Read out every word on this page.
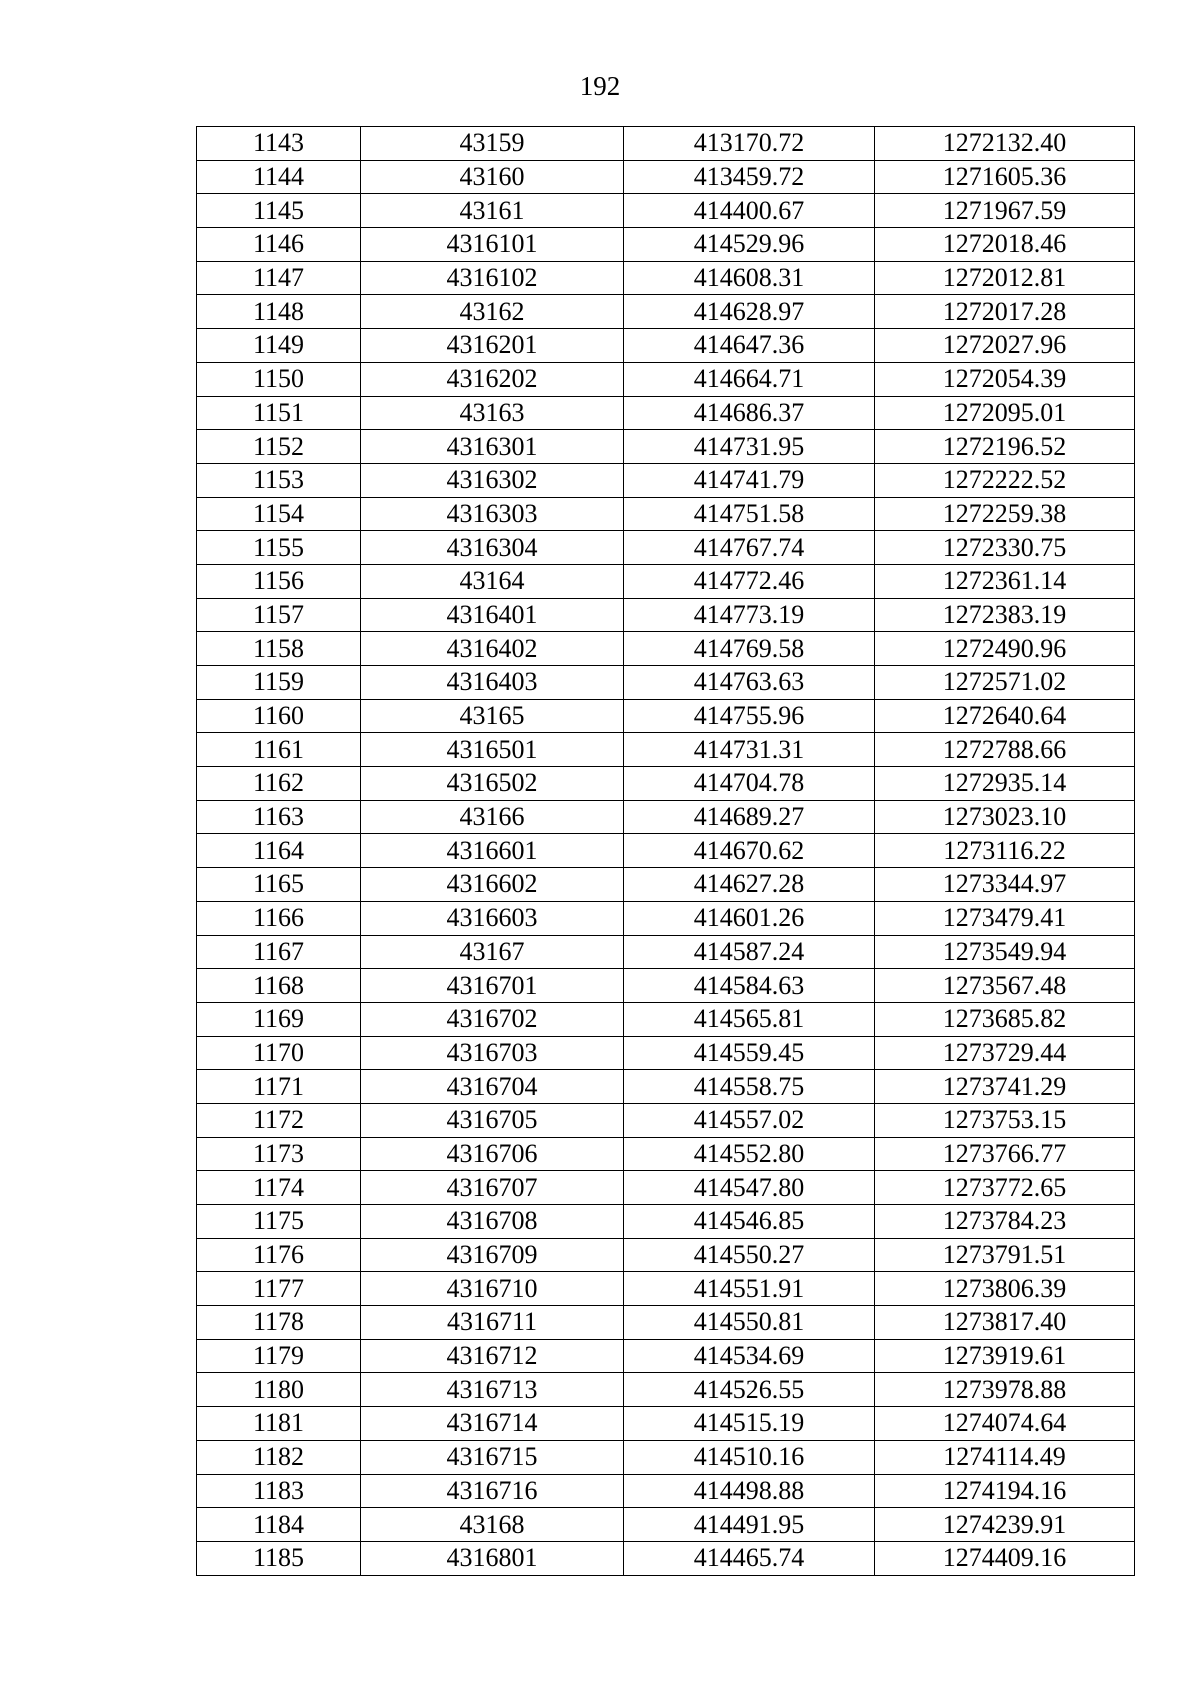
192
1143	43159	413170.72	1272132.40
1144	43160	413459.72	1271605.36
1145	43161	414400.67	1271967.59
1146	4316101	414529.96	1272018.46
1147	4316102	414608.31	1272012.81
1148	43162	414628.97	1272017.28
1149	4316201	414647.36	1272027.96
1150	4316202	414664.71	1272054.39
1151	43163	414686.37	1272095.01
1152	4316301	414731.95	1272196.52
1153	4316302	414741.79	1272222.52
1154	4316303	414751.58	1272259.38
1155	4316304	414767.74	1272330.75
1156	43164	414772.46	1272361.14
1157	4316401	414773.19	1272383.19
1158	4316402	414769.58	1272490.96
1159	4316403	414763.63	1272571.02
1160	43165	414755.96	1272640.64
1161	4316501	414731.31	1272788.66
1162	4316502	414704.78	1272935.14
1163	43166	414689.27	1273023.10
1164	4316601	414670.62	1273116.22
1165	4316602	414627.28	1273344.97
1166	4316603	414601.26	1273479.41
1167	43167	414587.24	1273549.94
1168	4316701	414584.63	1273567.48
1169	4316702	414565.81	1273685.82
1170	4316703	414559.45	1273729.44
1171	4316704	414558.75	1273741.29
1172	4316705	414557.02	1273753.15
1173	4316706	414552.80	1273766.77
1174	4316707	414547.80	1273772.65
1175	4316708	414546.85	1273784.23
1176	4316709	414550.27	1273791.51
1177	4316710	414551.91	1273806.39
1178	4316711	414550.81	1273817.40
1179	4316712	414534.69	1273919.61
1180	4316713	414526.55	1273978.88
1181	4316714	414515.19	1274074.64
1182	4316715	414510.16	1274114.49
1183	4316716	414498.88	1274194.16
1184	43168	414491.95	1274239.91
1185	4316801	414465.74	1274409.16
